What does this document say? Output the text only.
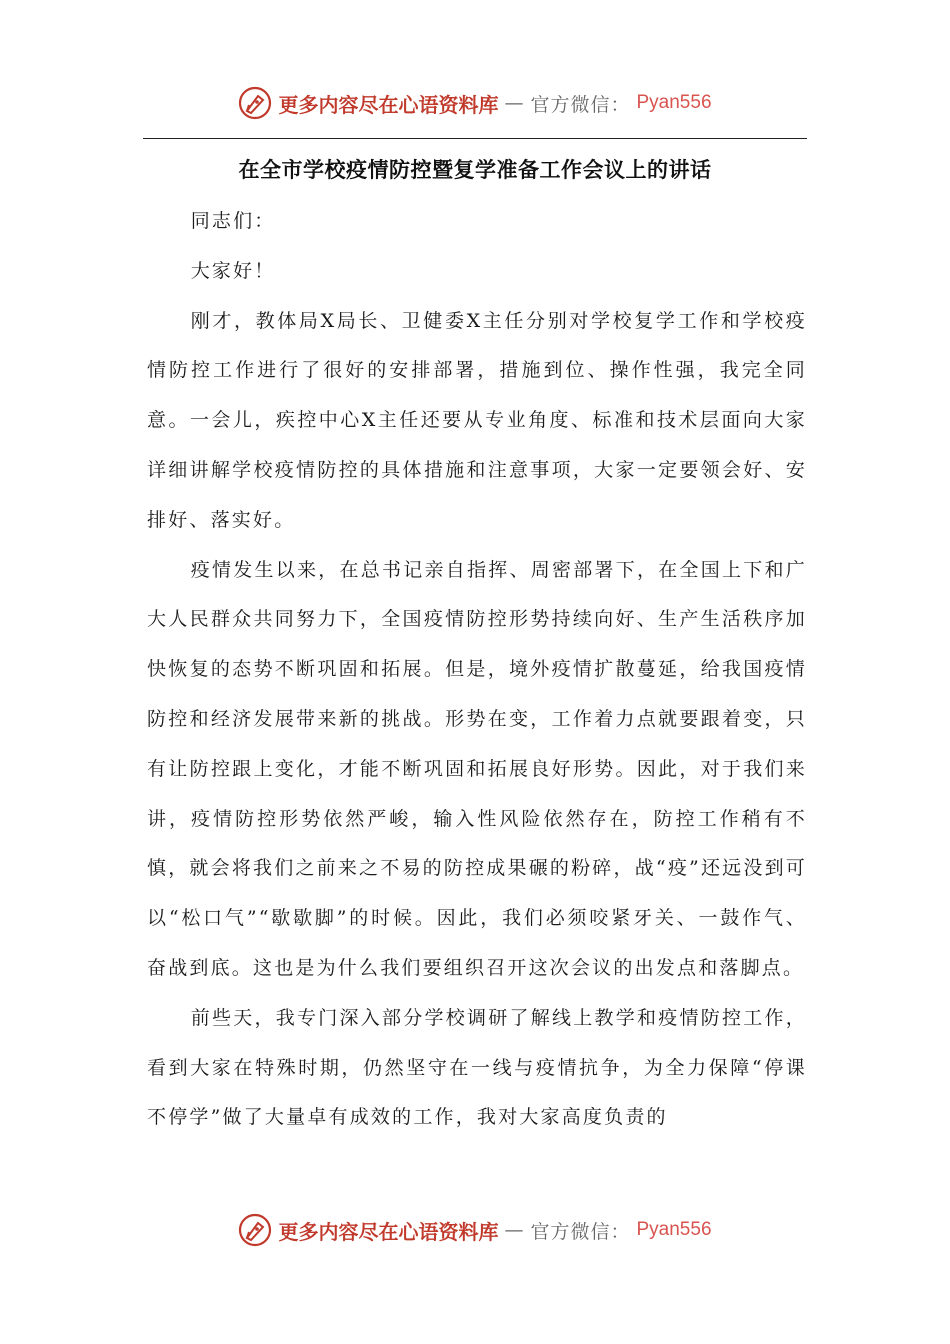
更多内容尽在心语资料库 — 官方微信： Pyan556
在全市学校疫情防控暨复学准备工作会议上的讲话

同志们：

大家好！

刚才，教体局X局长、卫健委X主任分别对学校复学工作和学校疫情防控工作进行了很好的安排部署，措施到位、操作性强，我完全同意。一会儿，疾控中心X主任还要从专业角度、标准和技术层面向大家详细讲解学校疫情防控的具体措施和注意事项，大家一定要领会好、安排好、落实好。

疫情发生以来，在总书记亲自指挥、周密部署下，在全国上下和广大人民群众共同努力下，全国疫情防控形势持续向好、生产生活秩序加快恢复的态势不断巩固和拓展。但是，境外疫情扩散蔓延，给我国疫情防控和经济发展带来新的挑战。形势在变，工作着力点就要跟着变，只有让防控跟上变化，才能不断巩固和拓展良好形势。因此，对于我们来讲，疫情防控形势依然严峻，输入性风险依然存在，防控工作稍有不慎，就会将我们之前来之不易的防控成果碾的粉碎，战“疫”还远没到可以“松口气”“歇歇脚”的时候。因此，我们必须咬紧牙关、一鼓作气、奋战到底。这也是为什么我们要组织召开这次会议的出发点和落脚点。

前些天，我专门深入部分学校调研了解线上教学和疫情防控工作，看到大家在特殊时期，仍然坚守在一线与疫情抗争，为全力保障“停课不停学”做了大量卓有成效的工作，我对大家高度负责的

更多内容尽在心语资料库 — 官方微信： Pyan556
